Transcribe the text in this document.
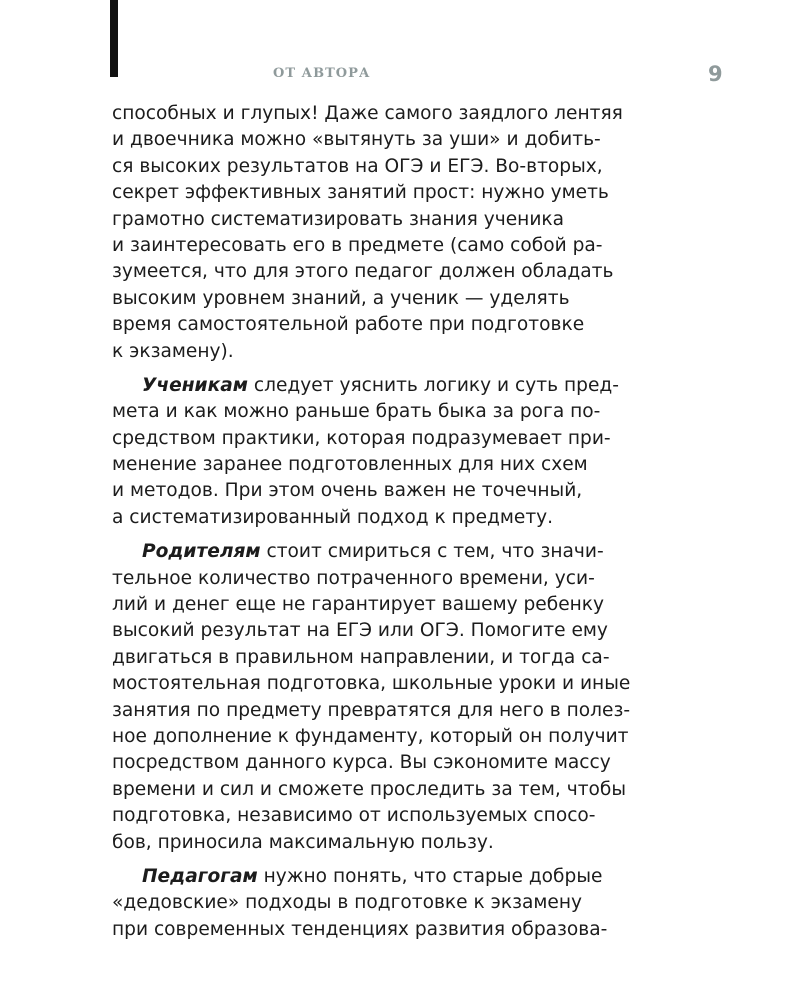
ОТ АВТОРА	9
способных и глупых! Даже самого заядлого лентяя
и двоечника можно «вытянуть за уши» и добить-
ся высоких результатов на ОГЭ и ЕГЭ. Во-вторых,
секрет эффективных занятий прост: нужно уметь
грамотно систематизировать знания ученика
и заинтересовать его в предмете (само собой ра-
зумеется, что для этого педагог должен обладать
высоким уровнем знаний, а ученик — уделять
время самостоятельной работе при подготовке
к экзамену).
Ученикам следует уяснить логику и суть пред-
мета и как можно раньше брать быка за рога по-
средством практики, которая подразумевает при-
менение заранее подготовленных для них схем
и методов. При этом очень важен не точечный,
а систематизированный подход к предмету.
Родителям стоит смириться с тем, что значи-
тельное количество потраченного времени, уси-
лий и денег еще не гарантирует вашему ребенку
высокий результат на ЕГЭ или ОГЭ. Помогите ему
двигаться в правильном направлении, и тогда са-
мостоятельная подготовка, школьные уроки и иные
занятия по предмету превратятся для него в полез-
ное дополнение к фундаменту, который он получит
посредством данного курса. Вы сэкономите массу
времени и сил и сможете проследить за тем, чтобы
подготовка, независимо от используемых спосо-
бов, приносила максимальную пользу.
Педагогам нужно понять, что старые добрые
«дедовские» подходы в подготовке к экзамену
при современных тенденциях развития образова-
